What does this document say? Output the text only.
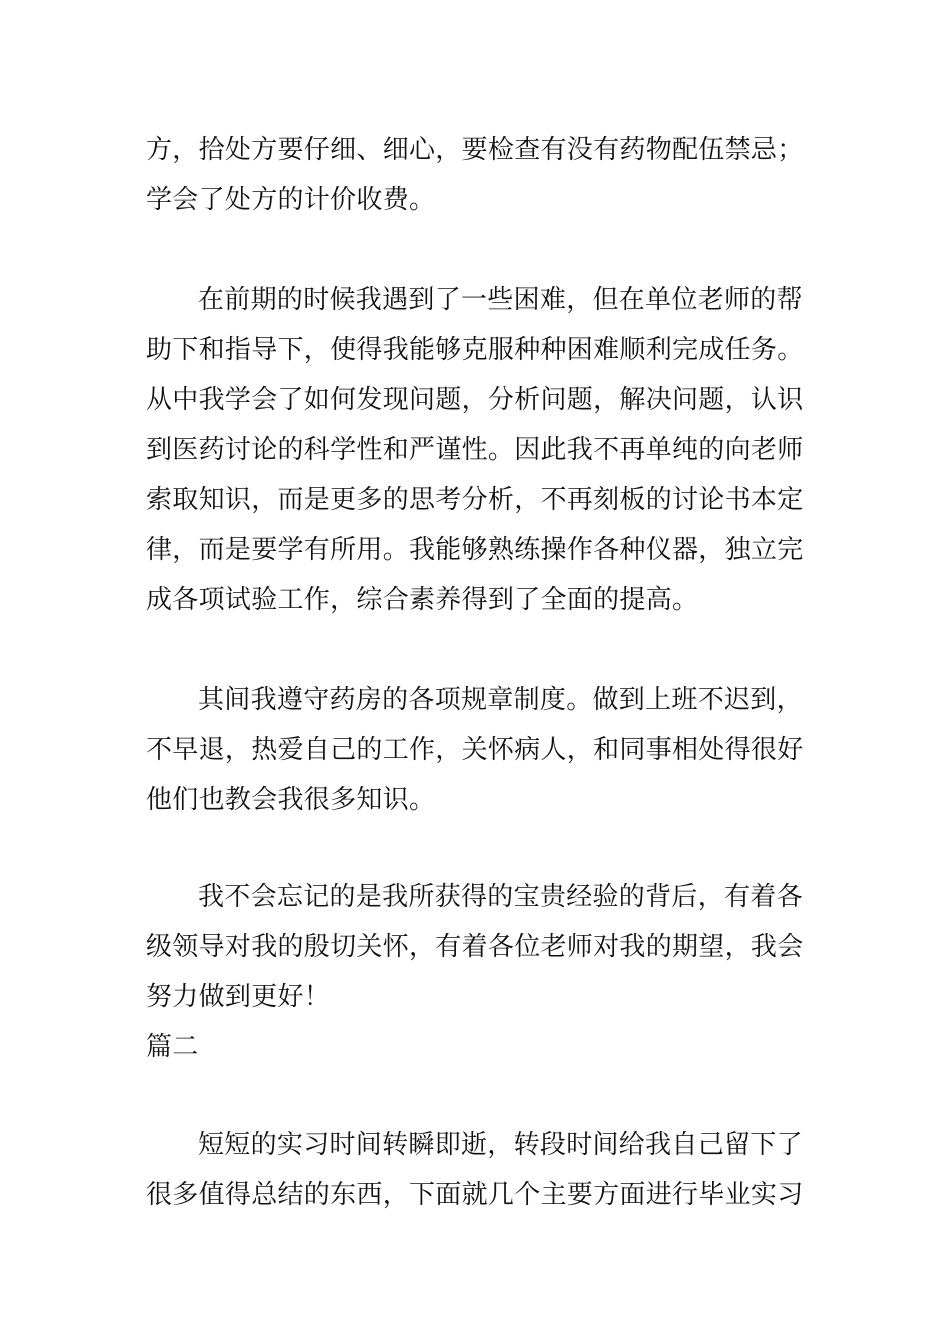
方，拾处方要仔细、细心，要检查有没有药物配伍禁忌；
学会了处方的计价收费。
在前期的时候我遇到了一些困难，但在单位老师的帮
助下和指导下，使得我能够克服种种困难顺利完成任务。
从中我学会了如何发现问题，分析问题，解决问题，认识
到医药讨论的科学性和严谨性。因此我不再单纯的向老师
索取知识，而是更多的思考分析，不再刻板的讨论书本定
律，而是要学有所用。我能够熟练操作各种仪器，独立完
成各项试验工作，综合素养得到了全面的提高。
其间我遵守药房的各项规章制度。做到上班不迟到，
不早退，热爱自己的工作，关怀病人，和同事相处得很好
他们也教会我很多知识。
我不会忘记的是我所获得的宝贵经验的背后，有着各
级领导对我的殷切关怀，有着各位老师对我的期望，我会
努力做到更好！
篇二
短短的实习时间转瞬即逝，转段时间给我自己留下了
很多值得总结的东西，下面就几个主要方面进行毕业实习
